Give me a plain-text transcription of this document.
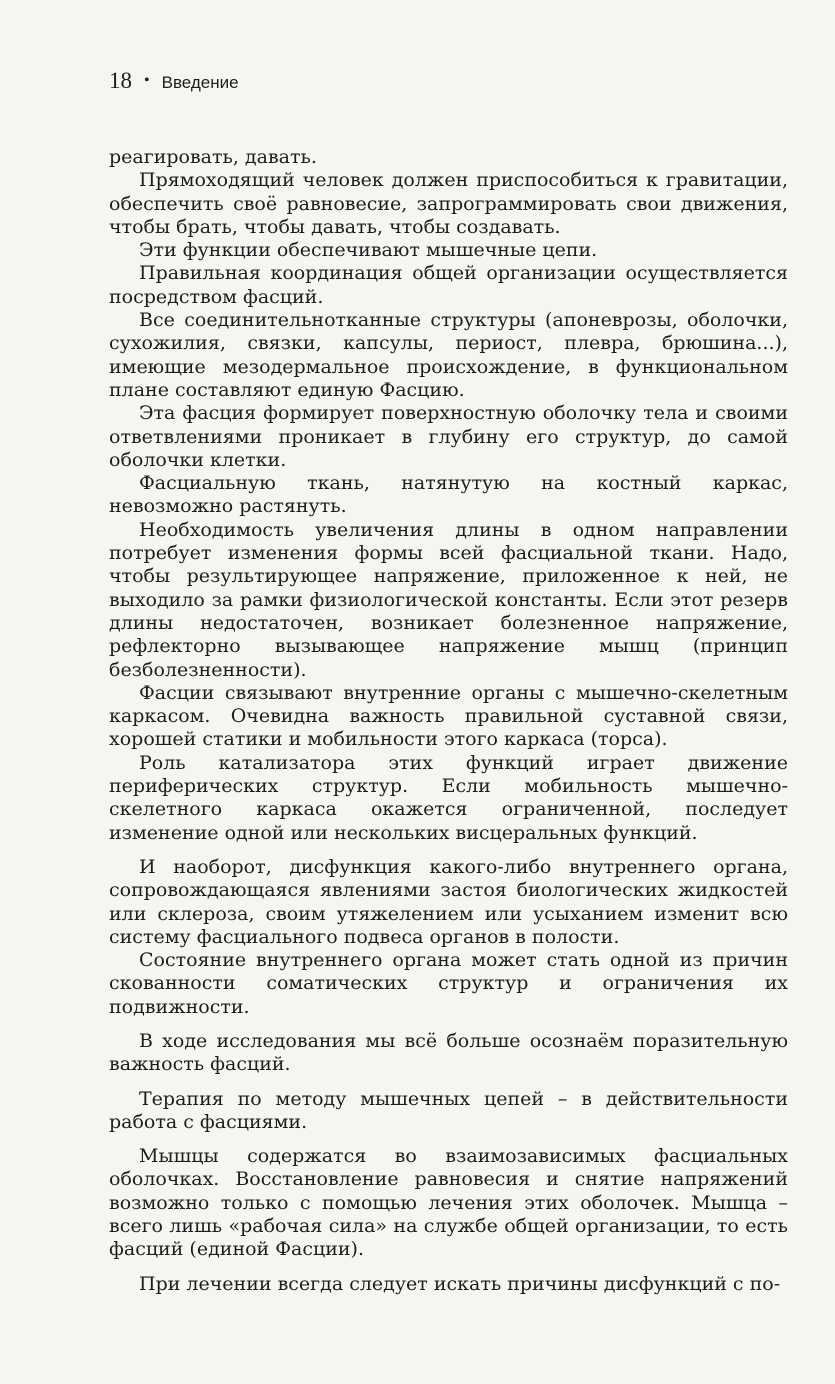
18 • Введение

реагировать, давать.

Прямоходящий человек должен приспособиться к гравитации, обеспечить своё равновесие, запрограммировать свои движения, чтобы брать, чтобы давать, чтобы создавать.

Эти функции обеспечивают мышечные цепи.

Правильная координация общей организации осуществляется посредством фасций.

Все соединительнотканные структуры (апоневрозы, оболочки, сухожилия, связки, капсулы, периост, плевра, брюшина...), имеющие мезодермальное происхождение, в функциональном плане составляют единую Фасцию.

Эта фасция формирует поверхностную оболочку тела и своими ответвлениями проникает в глубину его структур, до самой оболочки клетки.

Фасциальную ткань, натянутую на костный каркас, невозможно растянуть.

Необходимость увеличения длины в одном направлении потребует изменения формы всей фасциальной ткани. Надо, чтобы результирующее напряжение, приложенное к ней, не выходило за рамки физиологической константы. Если этот резерв длины недостаточен, возникает болезненное напряжение, рефлекторно вызывающее напряжение мышц (принцип безболезненности).

Фасции связывают внутренние органы с мышечно-скелетным каркасом. Очевидна важность правильной суставной связи, хорошей статики и мобильности этого каркаса (торса).

Роль катализатора этих функций играет движение периферических структур. Если мобильность мышечно-скелетного каркаса окажется ограниченной, последует изменение одной или нескольких висцеральных функций.

И наоборот, дисфункция какого-либо внутреннего органа, сопровождающаяся явлениями застоя биологических жидкостей или склероза, своим утяжелением или усыханием изменит всю систему фасциального подвеса органов в полости.

Состояние внутреннего органа может стать одной из причин скованности соматических структур и ограничения их подвижности.

В ходе исследования мы всё больше осознаём поразительную важность фасций.

Терапия по методу мышечных цепей – в действительности работа с фасциями.

Мышцы содержатся во взаимозависимых фасциальных оболочках. Восстановление равновесия и снятие напряжений возможно только с помощью лечения этих оболочек. Мышца – всего лишь «рабочая сила» на службе общей организации, то есть фасций (единой Фасции).

При лечении всегда следует искать причины дисфункций с по-
